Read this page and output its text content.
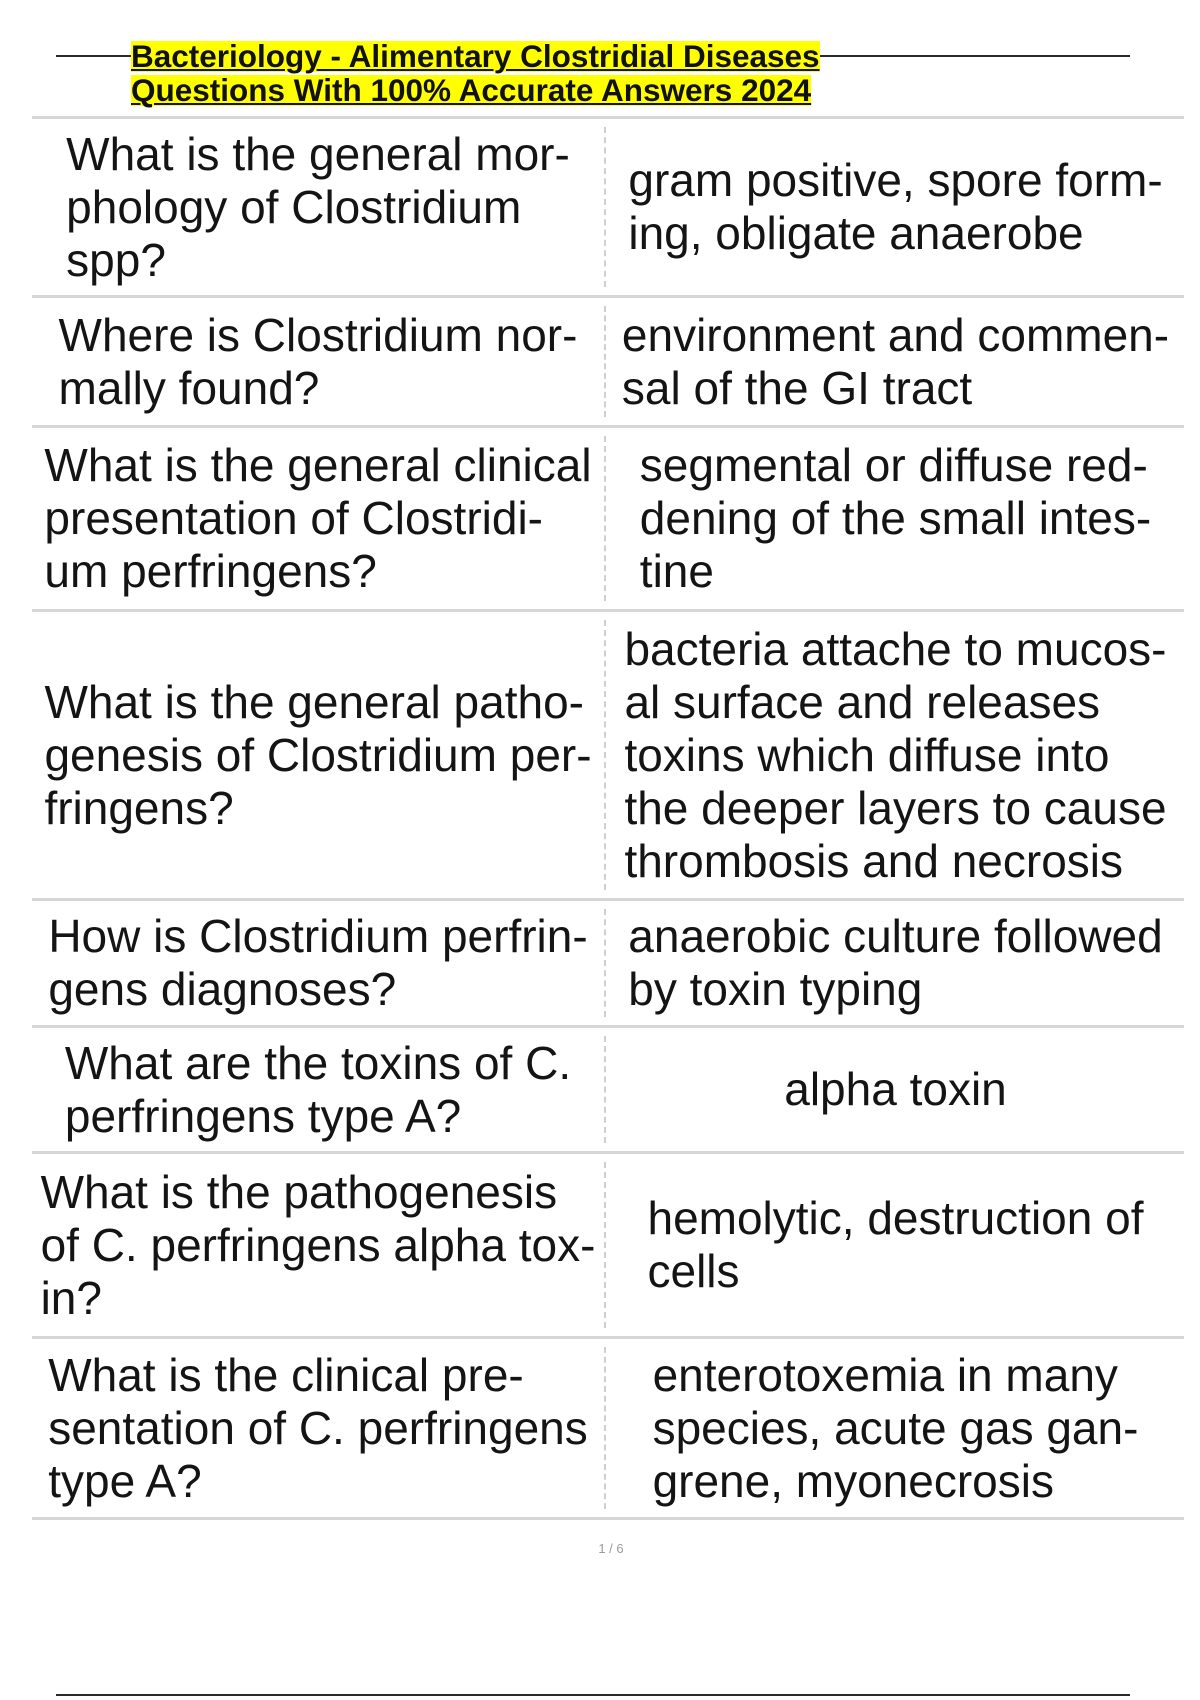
Bacteriology - Alimentary Clostridial Diseases
Questions With 100% Accurate Answers 2024
What is the general mor-
phology of Clostridium
spp?
gram positive, spore form-
ing, obligate anaerobe
Where is Clostridium nor-
mally found?
environment and commen-
sal of the GI tract
What is the general clinical
presentation of Clostridi-
um perfringens?
segmental or diffuse red-
dening of the small intes-
tine
What is the general patho-
genesis of Clostridium per-
fringens?
bacteria attache to mucos-
al surface and releases
toxins which diffuse into
the deeper layers to cause
thrombosis and necrosis
How is Clostridium perfrin-
gens diagnoses?
anaerobic culture followed
by toxin typing
What are the toxins of C.
perfringens type A?
alpha toxin
What is the pathogenesis
of C. perfringens alpha tox-
in?
hemolytic, destruction of
cells
What is the clinical pre-
sentation of C. perfringens
type A?
enterotoxemia in many
species, acute gas gan-
grene, myonecrosis
1 / 6
